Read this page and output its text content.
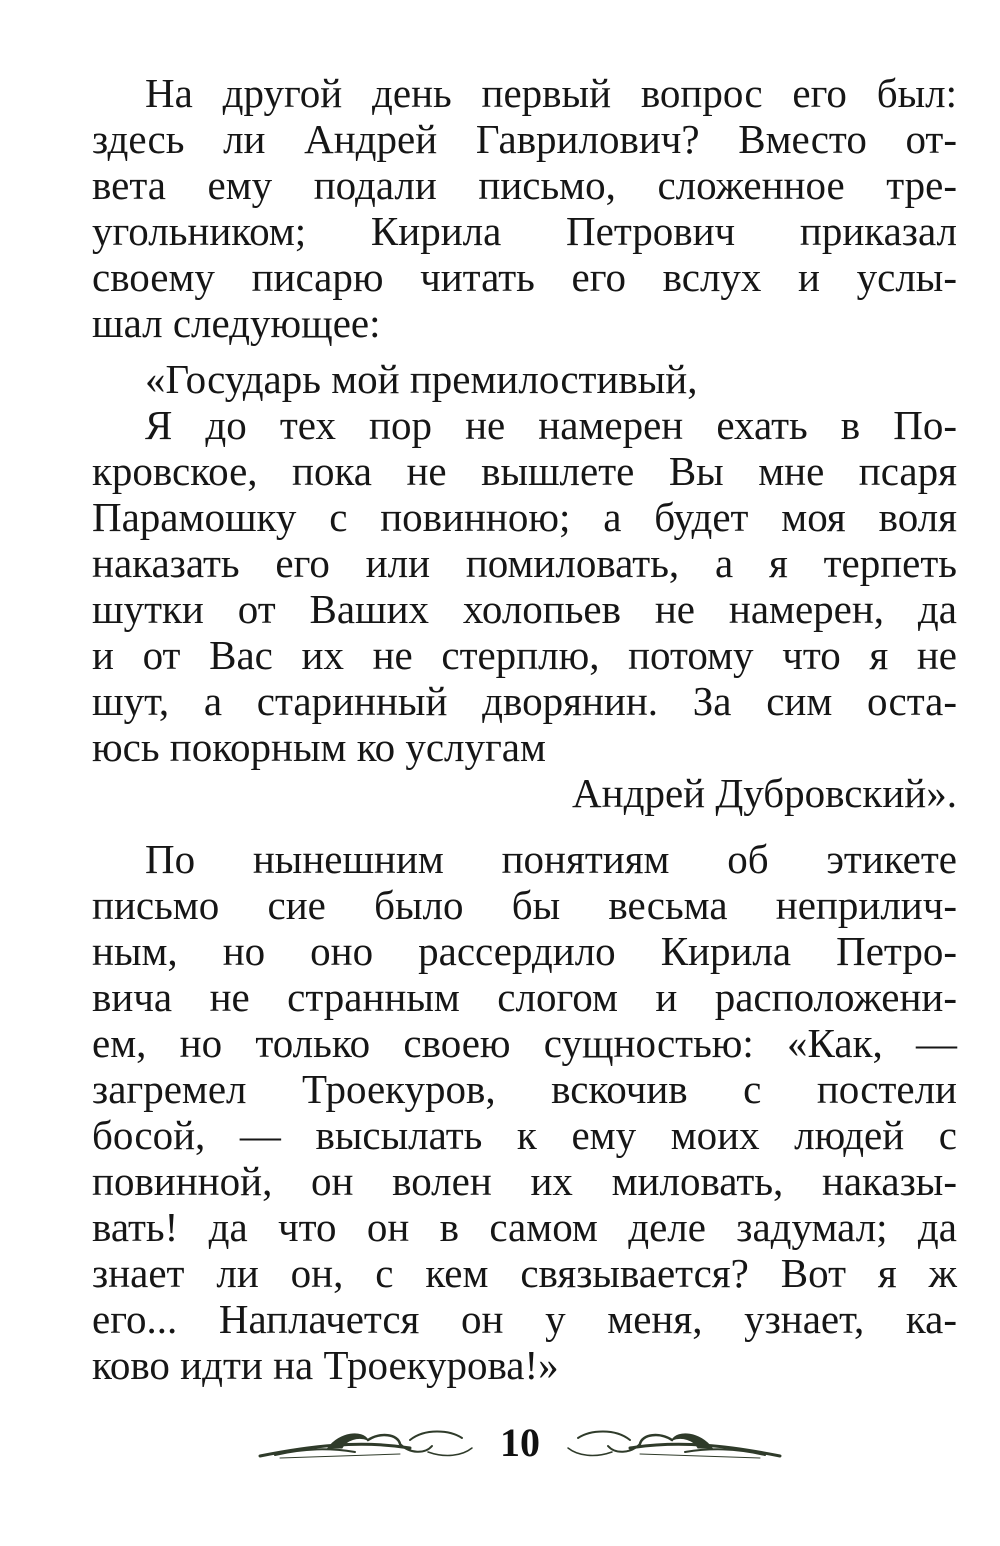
На другой день первый вопрос его был:
здесь ли Андрей Гаврилович? Вместо от-
вета ему подали письмо, сложенное тре-
угольником; Кирила Петрович приказал
своему писарю читать его вслух и услы-
шал следующее:
«Государь мой премилостивый,
Я до тех пор не намерен ехать в По-
кровское, пока не вышлете Вы мне псаря
Парамошку с повинною; а будет моя воля
наказать его или помиловать, а я терпеть
шутки от Ваших холопьев не намерен, да
и от Вас их не стерплю, потому что я не
шут, а старинный дворянин. За сим оста-
юсь покорным ко услугам
Андрей Дубровский».
По нынешним понятиям об этикете
письмо сие было бы весьма неприлич-
ным, но оно рассердило Кирила Петро-
вича не странным слогом и расположени-
ем, но только своею сущностью: «Как, —
загремел Троекуров, вскочив с постели
босой, — высылать к ему моих людей с
повинной, он волен их миловать, наказы-
вать! да что он в самом деле задумал; да
знает ли он, с кем связывается? Вот я ж
его... Наплачется он у меня, узнает, ка-
ково идти на Троекурова!»
10
